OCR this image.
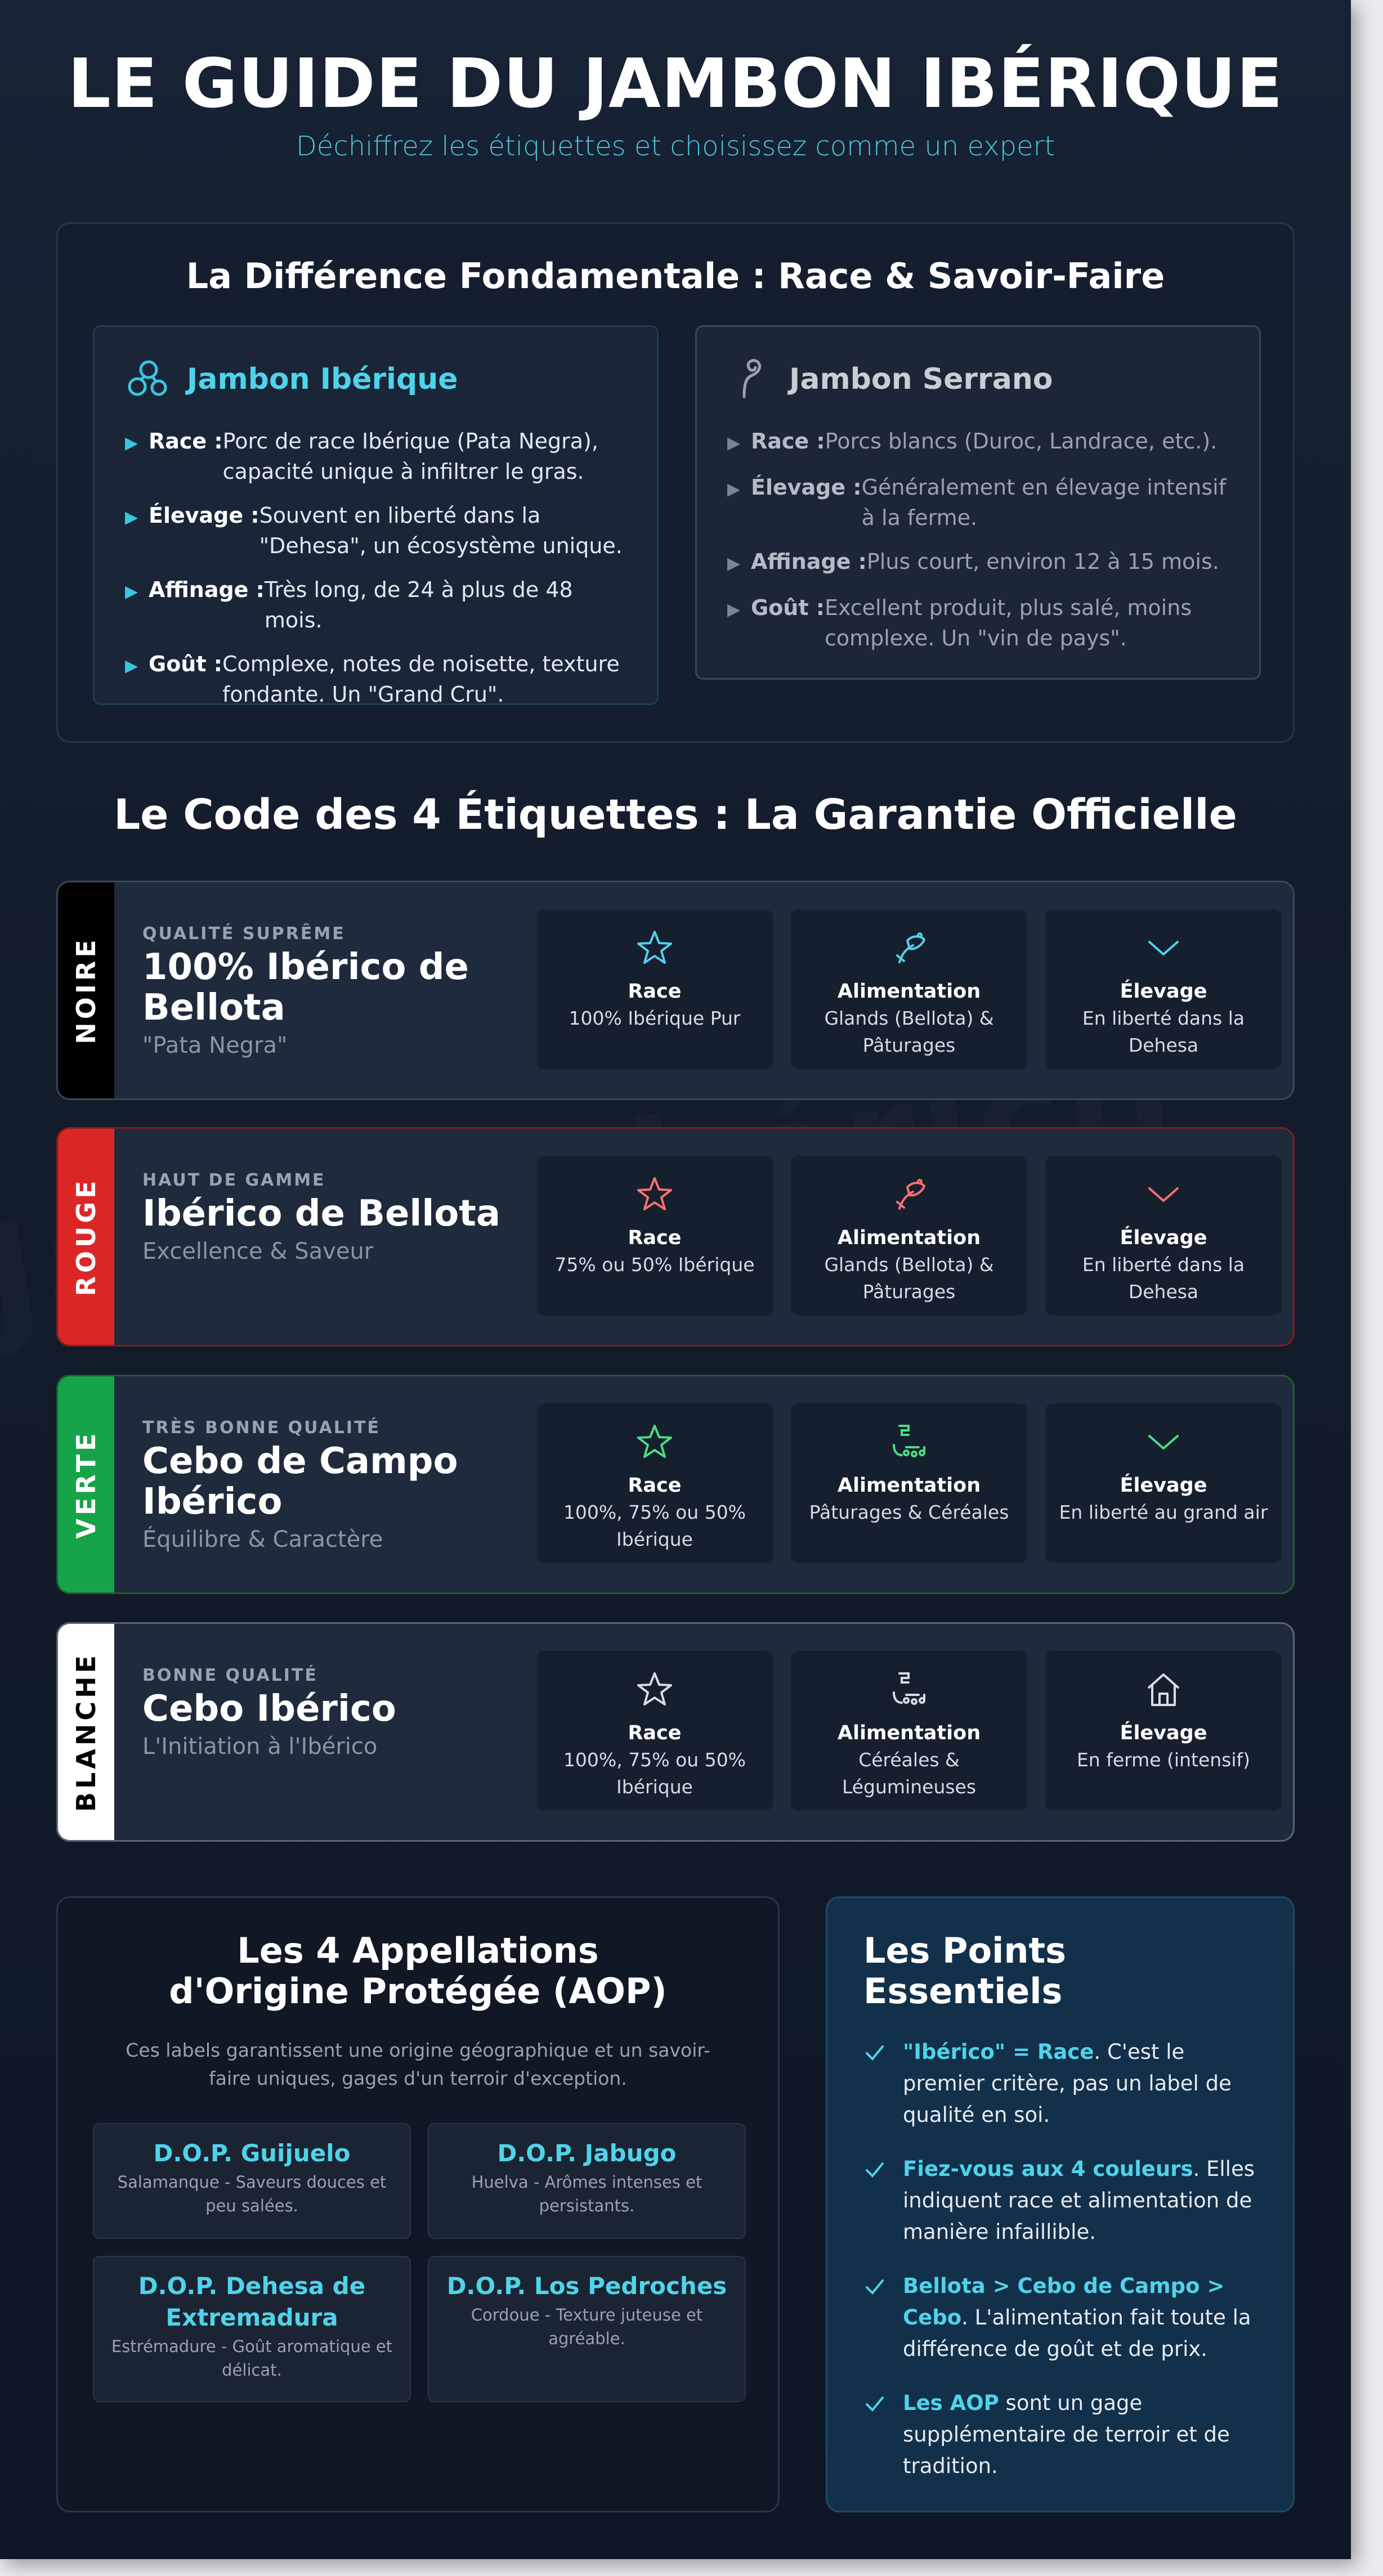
LE GUIDE DU JAMBON IBÉRIQUE
Déchiffrez les étiquettes et choisissez comme un expert
La Différence Fondamentale : Race & Savoir-Faire
Jambon Ibérique
▶ Race : Porc de race Ibérique (Pata Negra), capacité unique à infiltrer le gras.
▶ Élevage : Souvent en liberté dans la "Dehesa", un écosystème unique.
▶ Affinage : Très long, de 24 à plus de 48 mois.
▶ Goût : Complexe, notes de noisette, texture fondante. Un "Grand Cru".
Jambon Serrano
▶ Race : Porcs blancs (Duroc, Landrace, etc.).
▶ Élevage : Généralement en élevage intensif à la ferme.
▶ Affinage : Plus court, environ 12 à 15 mois.
▶ Goût : Excellent produit, plus salé, moins complexe. Un "vin de pays".
Le Code des 4 Étiquettes : La Garantie Officielle
NOIRE
QUALITÉ SUPRÊME
100% Ibérico de Bellota
"Pata Negra"
Race
100% Ibérique Pur
Alimentation
Glands (Bellota) & Pâturages
Élevage
En liberté dans la Dehesa
ROUGE HAUT DE GAMME
Ibérico de Bellota
Excellence & Saveur
Race
75% ou 50% Ibérique
Alimentation
Glands (Bellota) & Pâturages
Élevage
En liberté dans la Dehesa
VERTE
TRÈS BONNE QUALITÉ
Cebo de Campo Ibérico
Équilibre & Caractère
Race
100%, 75% ou 50% Ibérique
Alimentation
Pâturages & Céréales
Élevage
En liberté au grand air
BLANCHE BONNE QUALITÉ
Cebo Ibérico
L'Initiation à l'Ibérico
Race
100%, 75% ou 50% Ibérique
Alimentation
Céréales & Légumineuses
Élevage
En ferme (intensif)
Les 4 Appellations d'Origine Protégée (AOP)
Ces labels garantissent une origine géographique et un savoir-faire uniques, gages d'un terroir d'exception.
D.O.P. Guijuelo
Salamanque - Saveurs douces et peu salées.
D.O.P. Jabugo
Huelva - Arômes intenses et persistants.
D.O.P. Dehesa de Extremadura
Estrémadure - Goût aromatique et délicat.
D.O.P. Los Pedroches
Cordoue - Texture juteuse et agréable.
Les Points Essentiels
"Ibérico" = Race. C'est le premier critère, pas un label de qualité en soi.
Fiez-vous aux 4 couleurs. Elles indiquent race et alimentation de manière infaillible.
Bellota > Cebo de Campo > Cebo. L'alimentation fait toute la différence de goût et de prix.
Les AOP sont un gage supplémentaire de terroir et de tradition.
